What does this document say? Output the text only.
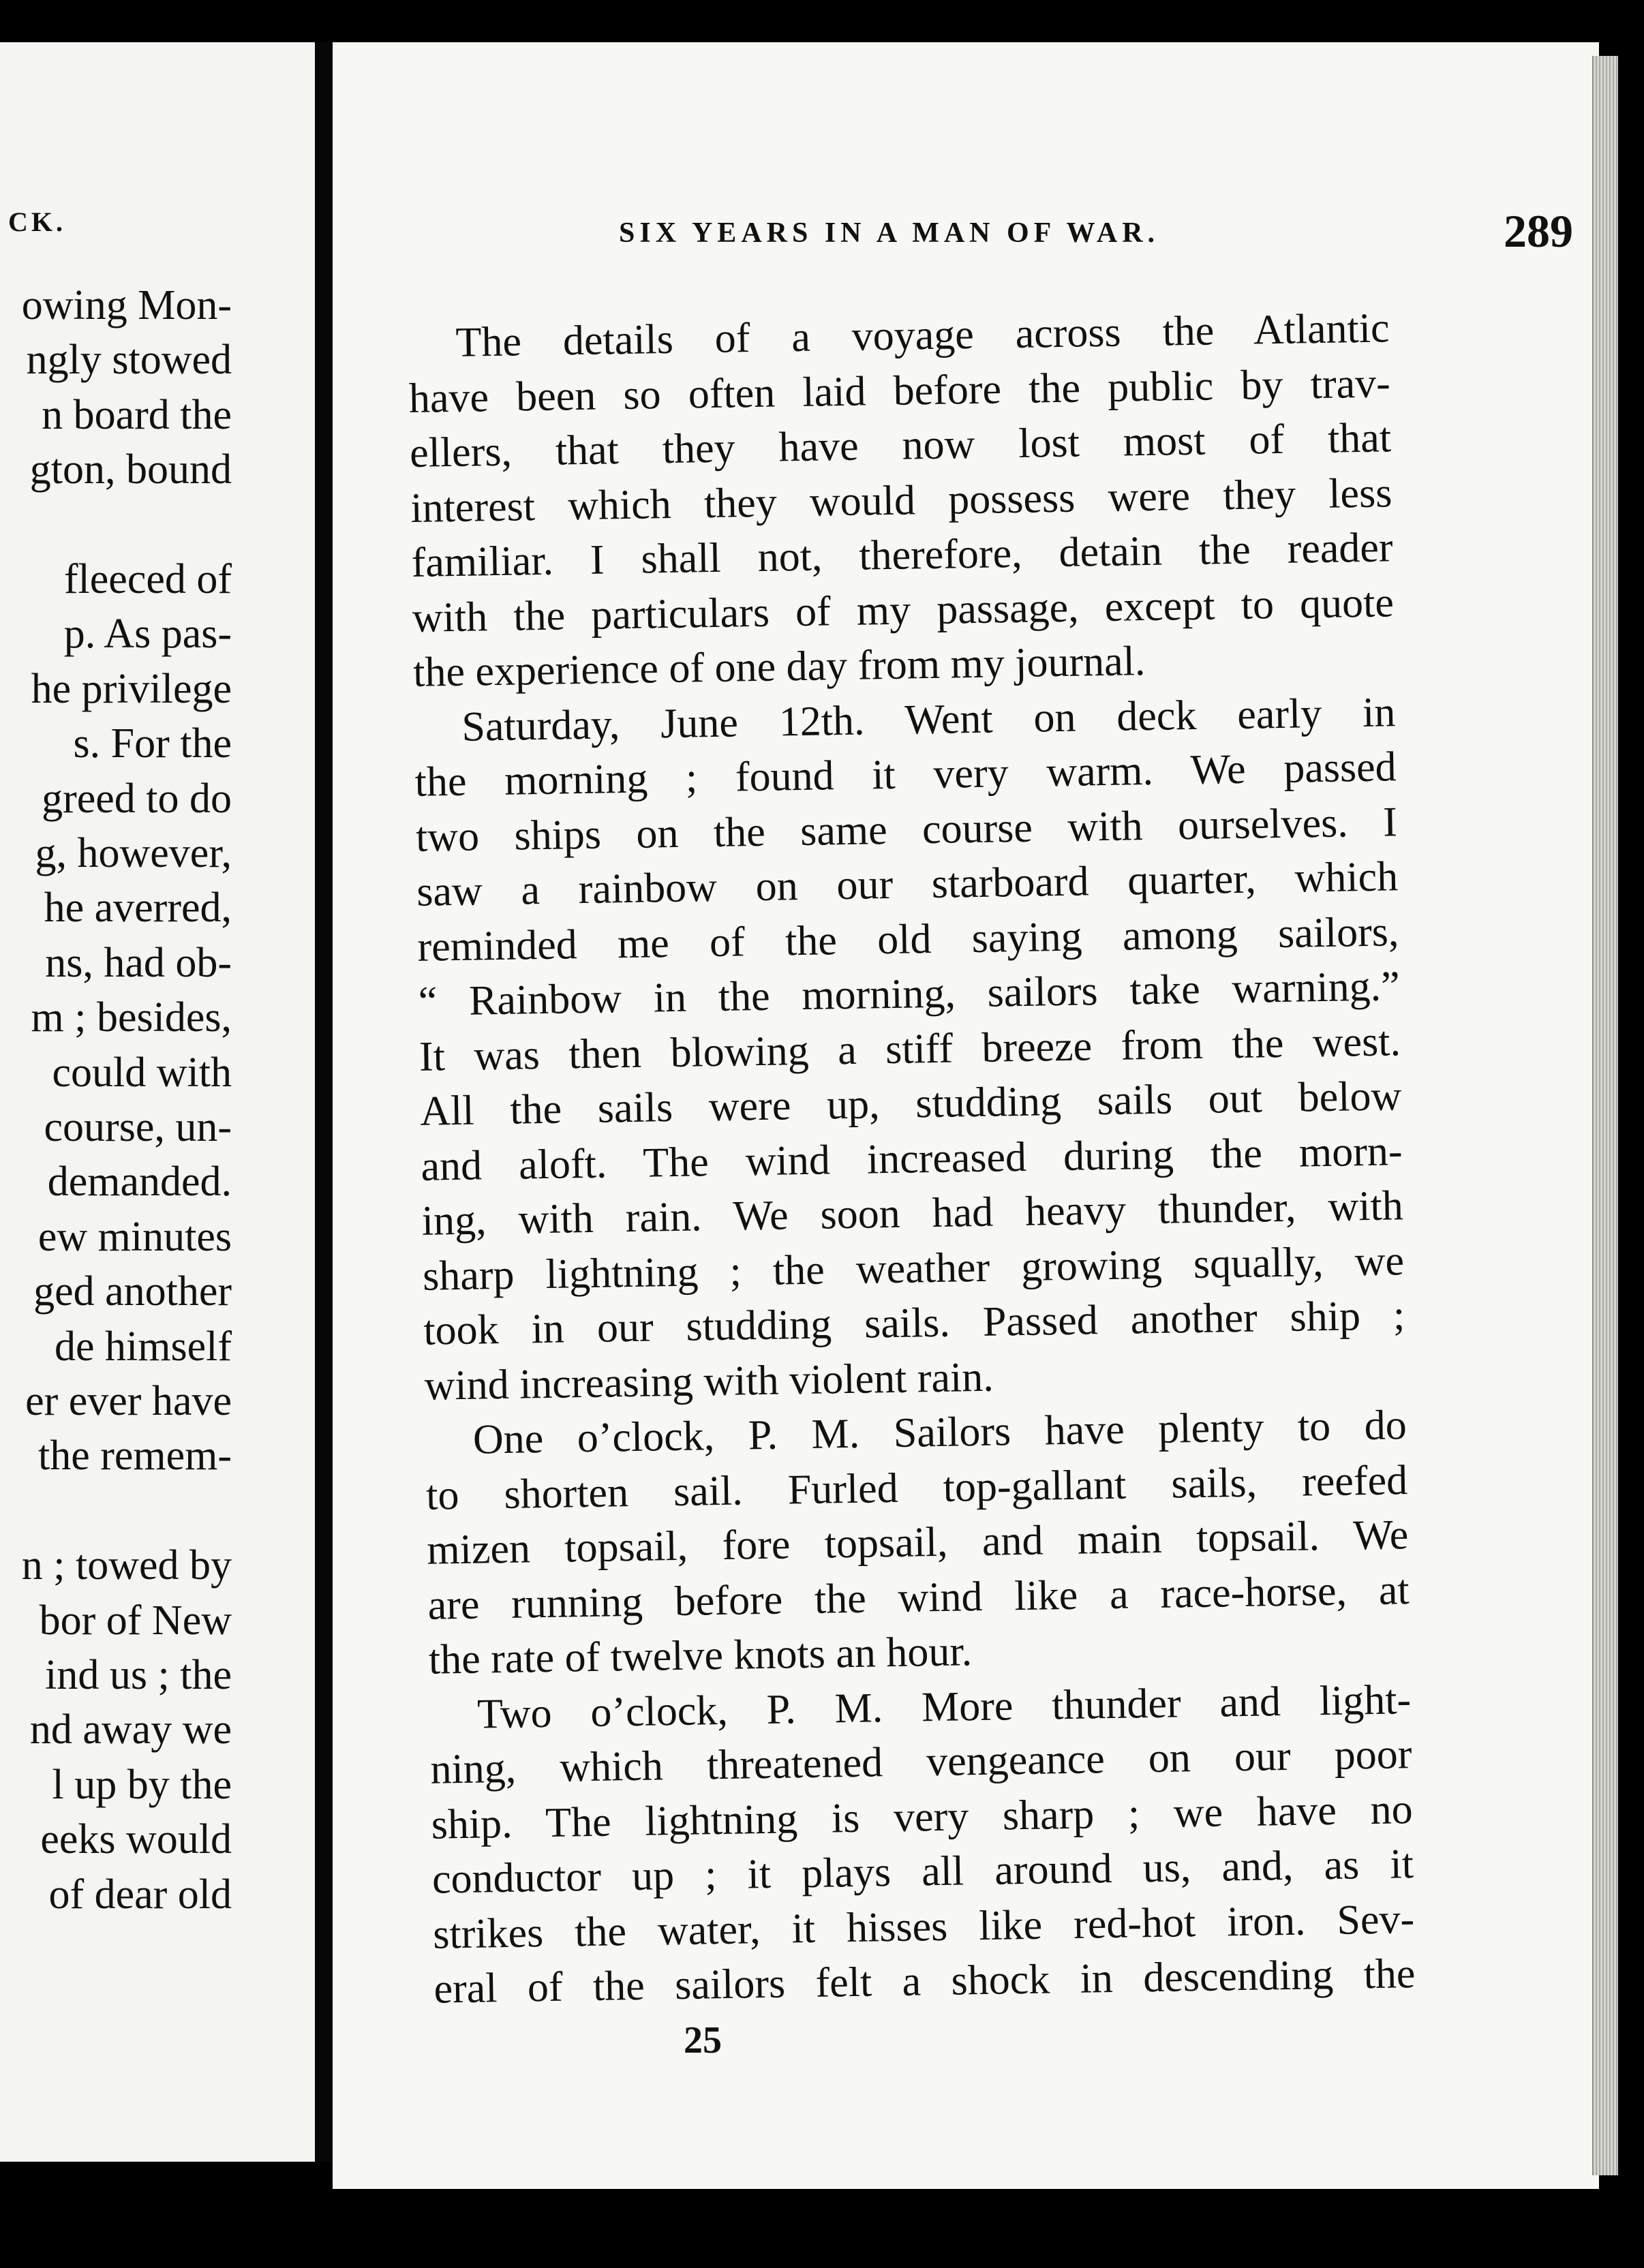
CK.
owing Mon-
ngly stowed
n board the
gton, bound
fleeced of
p. As pas-
he privilege
s. For the
greed to do
g, however,
he averred,
ns, had ob-
m ; besides,
could with
course, un-
demanded.
ew minutes
ged another
de himself
er ever have
the remem-
n ; towed by
bor of New
ind us ; the
nd away we
l up by the
eeks would
of dear old
SIX YEARS IN A MAN OF WAR.	289
The details of a voyage across the Atlantic
have been so often laid before the public by trav-
ellers, that they have now lost most of that
interest which they would possess were they less
familiar. I shall not, therefore, detain the reader
with the particulars of my passage, except to quote
the experience of one day from my journal.
Saturday, June 12th. Went on deck early in
the morning ; found it very warm. We passed
two ships on the same course with ourselves. I
saw a rainbow on our starboard quarter, which
reminded me of the old saying among sailors,
“ Rainbow in the morning, sailors take warning.”
It was then blowing a stiff breeze from the west.
All the sails were up, studding sails out below
and aloft. The wind increased during the morn-
ing, with rain. We soon had heavy thunder, with
sharp lightning ; the weather growing squally, we
took in our studding sails. Passed another ship ;
wind increasing with violent rain.
One o’clock, P. M. Sailors have plenty to do
to shorten sail. Furled top-gallant sails, reefed
mizen topsail, fore topsail, and main topsail. We
are running before the wind like a race-horse, at
the rate of twelve knots an hour.
Two o’clock, P. M. More thunder and light-
ning, which threatened vengeance on our poor
ship. The lightning is very sharp ; we have no
conductor up ; it plays all around us, and, as it
strikes the water, it hisses like red-hot iron. Sev-
eral of the sailors felt a shock in descending the
25
